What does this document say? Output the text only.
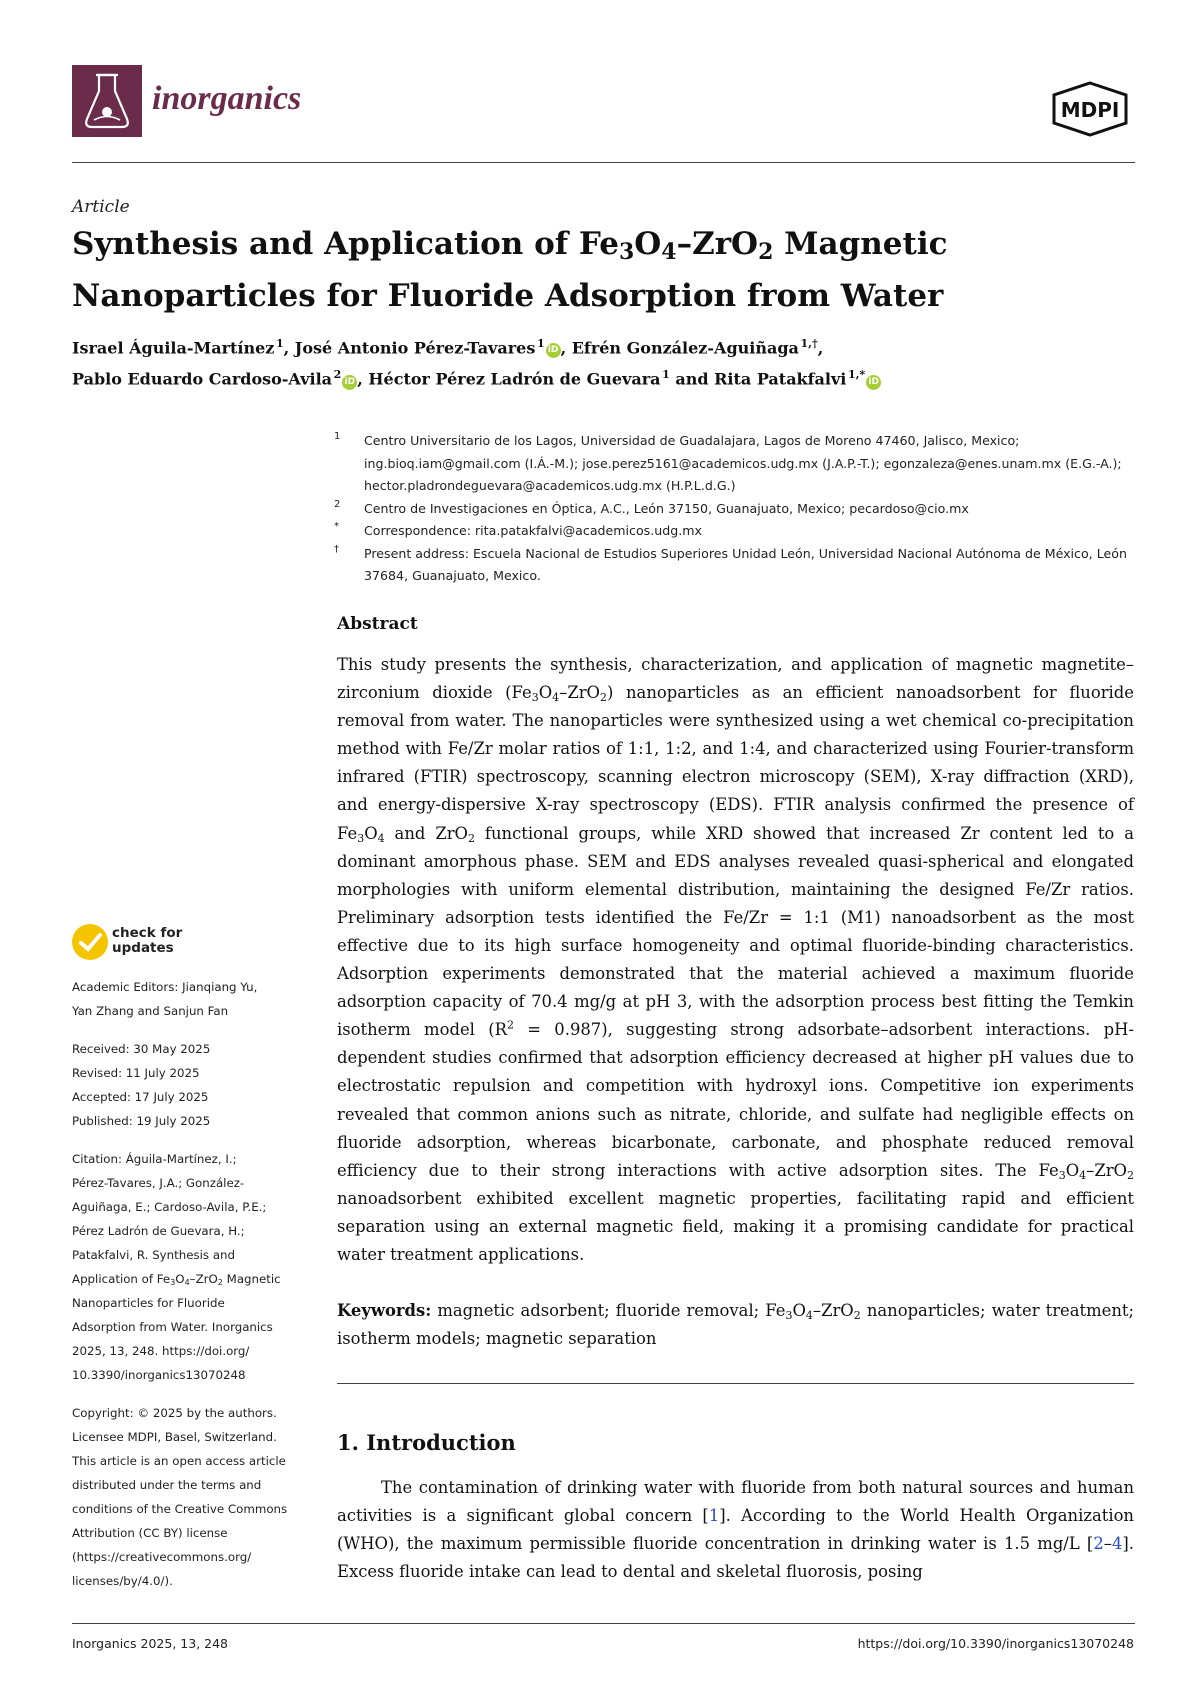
inorganics	MDPI
Article
Synthesis and Application of $Fe_3O_4-ZrO_2$ Magnetic
Nanoparticles for Fluoride Adsorption from Water
Israel Águila-Martínez  $^1$, José Antonio Pérez-Tavares  $^1$iD , Efrén González-Aguiñaga  $^{1,\dagger}$,
Pablo Eduardo Cardoso-Avila  $^2$iD , Héctor Pérez Ladrón de Guevara  $^1$ and Rita Patakfalvi  $^{1,*}$iD
1 Centro Universitario de los Lagos, Universidad de Guadalajara, Lagos de Moreno 47460, Jalisco, Mexico; ing.bioq.iam@gmail.com (I.Á.-M.); jose.perez5161@academicos.udg.mx (J.A.P.-T.); egonzaleza@enes.unam.mx (E.G.-A.); hector.pladrondeguevara@academicos.udg.mx (H.P.L.d.G.)
2 Centro de Investigaciones en Óptica, A.C., León 37150, Guanajuato, Mexico; pecardoso@cio.mx
* Correspondence: rita.patakfalvi@academicos.udg.mx
† Present address: Escuela Nacional de Estudios Superiores Unidad León, Universidad Nacional Autónoma de México, León 37684, Guanajuato, Mexico.
Abstract
This study presents the synthesis, characterization, and application of magnetic magnetite–zirconium dioxide $(Fe_3O_4-ZrO_2)$ nanoparticles as an efficient nanoadsorbent for fluoride removal from water. The nanoparticles were synthesized using a wet chemical co-precipitation method with Fe/Zr molar ratios of 1:1, 1:2, and 1:4, and characterized using Fourier-transform infrared (FTIR) spectroscopy, scanning electron microscopy (SEM), X-ray diffraction (XRD), and energy-dispersive X-ray spectroscopy (EDS). FTIR analysis confirmed the presence of $Fe_3O_4$ and ZrO$_2$ functional groups, while XRD showed that increased Zr content led to a dominant amorphous phase. SEM and EDS analyses revealed quasi-spherical and elongated morphologies with uniform elemental distribution, maintaining the designed Fe/Zr ratios. Preliminary adsorption tests identified the Fe/Zr = 1:1 (M1) nanoadsorbent as the most effective due to its high surface homogeneity and optimal fluoride-binding characteristics. Adsorption experiments demonstrated that the material achieved a maximum fluoride adsorption capacity of 70.4 mg/g at pH 3, with the adsorption process best fitting the Temkin isotherm model $(R^2 = 0.987)$, suggesting strong adsorbate–adsorbent interactions. pH-dependent studies confirmed that adsorption efficiency decreased at higher pH values due to electrostatic repulsion and competition with hydroxyl ions. Competitive ion experiments revealed that common anions such as nitrate, chloride, and sulfate had negligible effects on fluoride adsorption, whereas bicarbonate, carbonate, and phosphate reduced removal efficiency due to their strong interactions with active adsorption sites. The $Fe_3O_4-ZrO_2$ nanoadsorbent exhibited excellent magnetic properties, facilitating rapid and efficient separation using an external magnetic field, making it a promising candidate for practical water treatment applications.
Keywords: magnetic adsorbent; fluoride removal; $Fe_3O_4-ZrO_2$ nanoparticles; water treatment; isotherm models; magnetic separation
1. Introduction
The contamination of drinking water with fluoride from both natural sources and human activities is a significant global concern [1]. According to the World Health Organization (WHO), the maximum permissible fluoride concentration in drinking water is 1.5 mg/L [2–4]. Excess fluoride intake can lead to dental and skeletal fluorosis, posing
check for
updates
Academic Editors: Jianqiang Yu,
Yan Zhang and Sanjun Fan
Received: 30 May 2025
Revised: 11 July 2025
Accepted: 17 July 2025
Published: 19 July 2025
Citation: Águila-Martínez, I.;
Pérez-Tavares, J.A.; González-
Aguiñaga, E.; Cardoso-Avila, P.E.;
Pérez Ladrón de Guevara, H.;
Patakfalvi, R. Synthesis and
Application of $Fe_3O_4-ZrO_2$ Magnetic
Nanoparticles for Fluoride
Adsorption from Water. Inorganics
2025, 13, 248. https://doi.org/
10.3390/inorganics13070248
Copyright: © 2025 by the authors.
Licensee MDPI, Basel, Switzerland.
This article is an open access article
distributed under the terms and
conditions of the Creative Commons
Attribution (CC BY) license
(https://creativecommons.org/
licenses/by/4.0/).
Inorganics 2025, 13, 248	https://doi.org/10.3390/inorganics13070248
